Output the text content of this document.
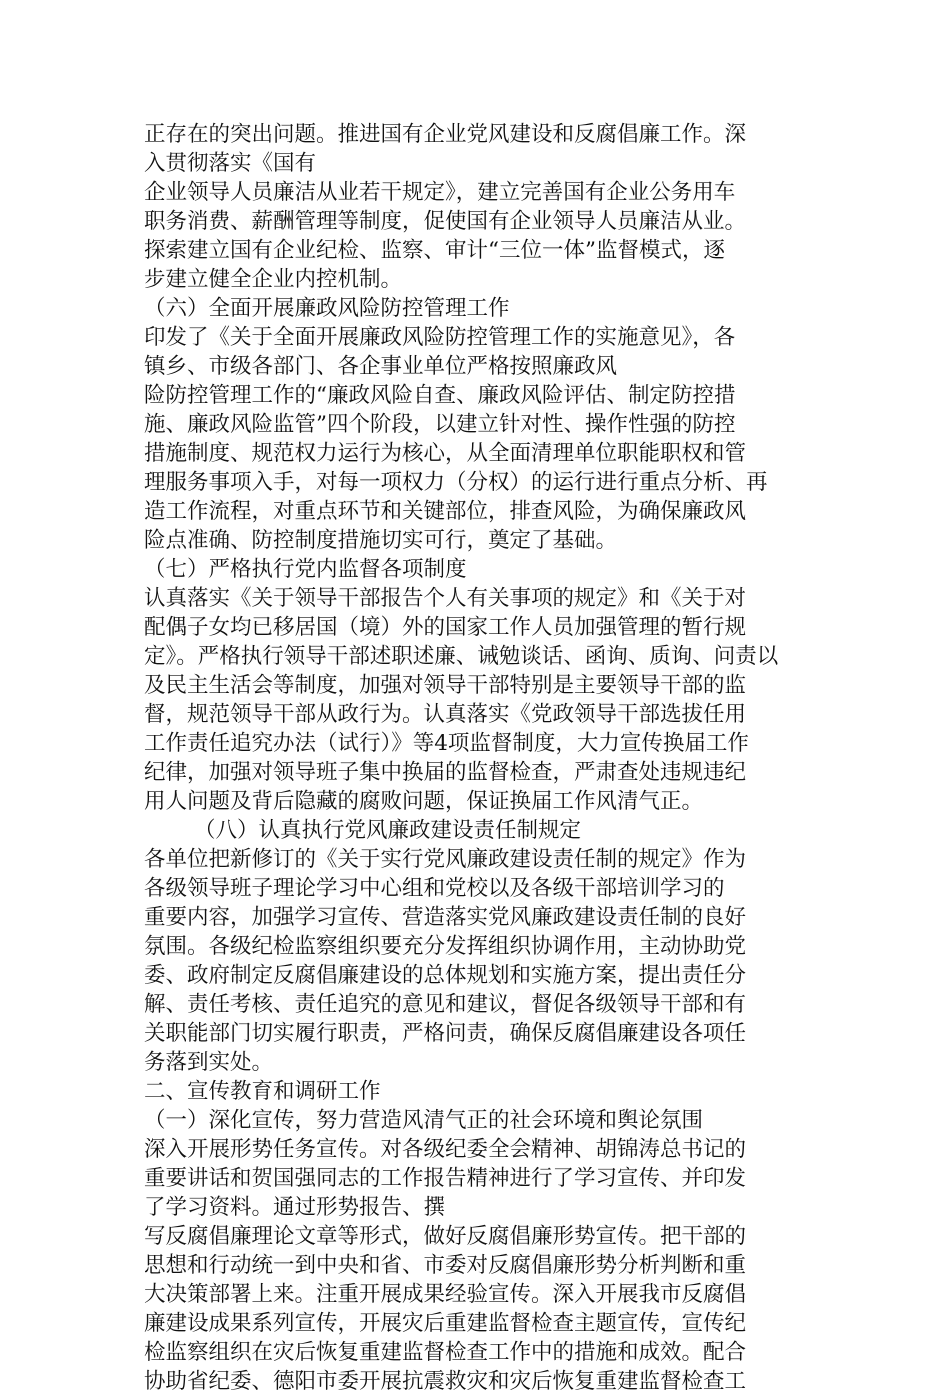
正存在的突出问题。推进国有企业党风建设和反腐倡廉工作。深
入贯彻落实《国有
企业领导人员廉洁从业若干规定》，建立完善国有企业公务用车
职务消费、薪酬管理等制度，促使国有企业领导人员廉洁从业。
探索建立国有企业纪检、监察、审计“三位一体”监督模式，逐
步建立健全企业内控机制。
（六）全面开展廉政风险防控管理工作
印发了《关于全面开展廉政风险防控管理工作的实施意见》，各
镇乡、市级各部门、各企事业单位严格按照廉政风
险防控管理工作的“廉政风险自查、廉政风险评估、制定防控措
施、廉政风险监管”四个阶段，以建立针对性、操作性强的防控
措施制度、规范权力运行为核心，从全面清理单位职能职权和管
理服务事项入手，对每一项权力（分权）的运行进行重点分析、再
造工作流程，对重点环节和关键部位，排查风险，为确保廉政风
险点准确、防控制度措施切实可行，奠定了基础。
（七）严格执行党内监督各项制度
认真落实《关于领导干部报告个人有关事项的规定》和《关于对
配偶子女均已移居国（境）外的国家工作人员加强管理的暂行规
定》。严格执行领导干部述职述廉、诫勉谈话、函询、质询、问责以
及民主生活会等制度，加强对领导干部特别是主要领导干部的监
督，规范领导干部从政行为。认真落实《党政领导干部选拔任用
工作责任追究办法（试行）》等4项监督制度，大力宣传换届工作
纪律，加强对领导班子集中换届的监督检查，严肃查处违规违纪
用人问题及背后隐藏的腐败问题，保证换届工作风清气正。
（八）认真执行党风廉政建设责任制规定
各单位把新修订的《关于实行党风廉政建设责任制的规定》作为
各级领导班子理论学习中心组和党校以及各级干部培训学习的
重要内容，加强学习宣传、营造落实党风廉政建设责任制的良好
氛围。各级纪检监察组织要充分发挥组织协调作用，主动协助党
委、政府制定反腐倡廉建设的总体规划和实施方案，提出责任分
解、责任考核、责任追究的意见和建议，督促各级领导干部和有
关职能部门切实履行职责，严格问责，确保反腐倡廉建设各项任
务落到实处。
二、宣传教育和调研工作
（一）深化宣传，努力营造风清气正的社会环境和舆论氛围
深入开展形势任务宣传。对各级纪委全会精神、胡锦涛总书记的
重要讲话和贺国强同志的工作报告精神进行了学习宣传、并印发
了学习资料。通过形势报告、撰
写反腐倡廉理论文章等形式，做好反腐倡廉形势宣传。把干部的
思想和行动统一到中央和省、市委对反腐倡廉形势分析判断和重
大决策部署上来。注重开展成果经验宣传。深入开展我市反腐倡
廉建设成果系列宣传，开展灾后重建监督检查主题宣传，宣传纪
检监察组织在灾后恢复重建监督检查工作中的措施和成效。配合
协助省纪委、德阳市委开展抗震救灾和灾后恢复重建监督检查工
